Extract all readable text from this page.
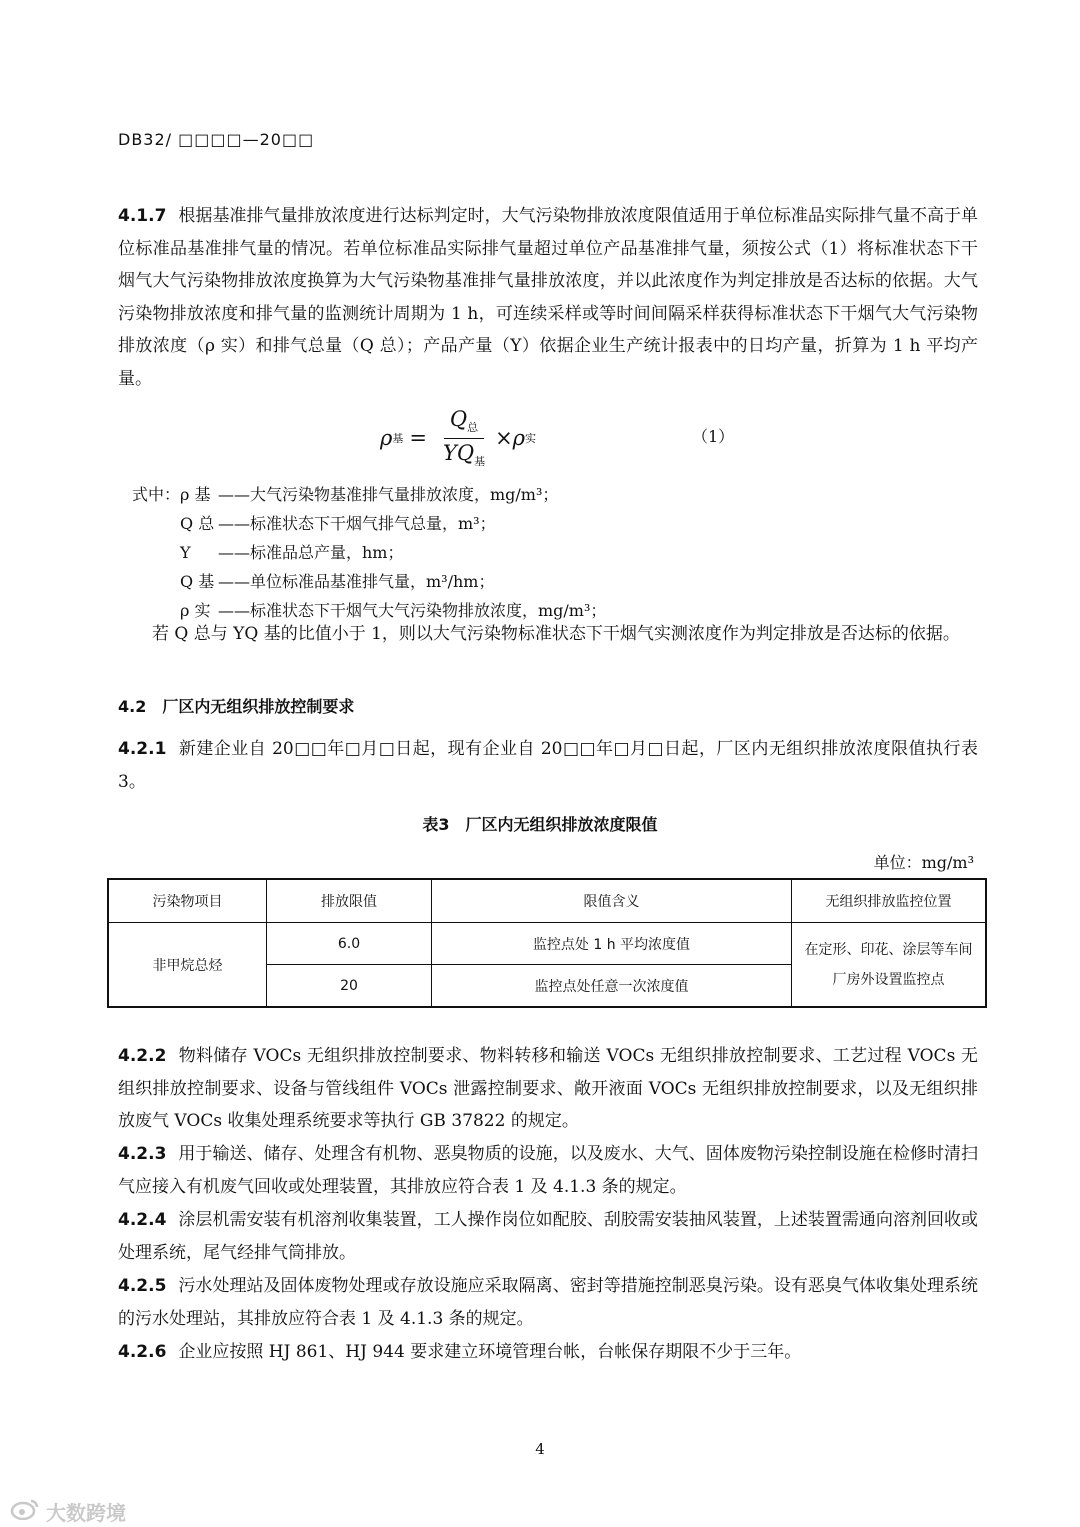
DB32/ □□□□—20□□
4.1.7 根据基准排气量排放浓度进行达标判定时，大气污染物排放浓度限值适用于单位标准品实际排气量不高于单位标准品基准排气量的情况。若单位标准品实际排气量超过单位产品基准排气量，须按公式（1）将标准状态下干烟气大气污染物排放浓度换算为大气污染物基准排气量排放浓度，并以此浓度作为判定排放是否达标的依据。大气污染物排放浓度和排气量的监测统计周期为 1 h，可连续采样或等时间间隔采样获得标准状态下干烟气大气污染物排放浓度（ρ 实）和排气总量（Q 总）；产品产量（Y）依据企业生产统计报表中的日均产量，折算为 1 h 平均产量。
ρ 基 = $\frac{Q_总}{YQ_基} \times \rho$ 实	（1）
式中： ρ 基 ——大气污染物基准排气量排放浓度，mg/m³；
Q 总 ——标准状态下干烟气排气总量，m³；
Y	——标准品总产量，hm；
Q 基 ——单位标准品基准排气量，m³/hm；
ρ 实 ——标准状态下干烟气大气污染物排放浓度，mg/m³；
若 Q 总与 YQ 基的比值小于 1，则以大气污染物标准状态下干烟气实测浓度作为判定排放是否达标的依据。
4.2　厂区内无组织排放控制要求
4.2.1 新建企业自 20□□年□月□日起，现有企业自 20□□年□月□日起，厂区内无组织排放浓度限值执行表 3。
表3　厂区内无组织排放浓度限值
单位：mg/m³
污染物项目	排放限值	限值含义	无组织排放监控位置
非甲烷总烃	6.0	监控点处 1 h 平均浓度值	在定形、印花、涂层等车间厂房外设置监控点
	20	监控点处任意一次浓度值	
4.2.2 物料储存 VOCs 无组织排放控制要求、物料转移和输送 VOCs 无组织排放控制要求、工艺过程 VOCs 无组织排放控制要求、设备与管线组件 VOCs 泄露控制要求、敞开液面 VOCs 无组织排放控制要求，以及无组织排放废气 VOCs 收集处理系统要求等执行 GB 37822 的规定。
4.2.3 用于输送、储存、处理含有机物、恶臭物质的设施，以及废水、大气、固体废物污染控制设施在检修时清扫气应接入有机废气回收或处理装置，其排放应符合表 1 及 4.1.3 条的规定。
4.2.4 涂层机需安装有机溶剂收集装置，工人操作岗位如配胶、刮胶需安装抽风装置，上述装置需通向溶剂回收或处理系统，尾气经排气筒排放。
4.2.5 污水处理站及固体废物处理或存放设施应采取隔离、密封等措施控制恶臭污染。设有恶臭气体收集处理系统的污水处理站，其排放应符合表 1 及 4.1.3 条的规定。
4.2.6 企业应按照 HJ 861、HJ 944 要求建立环境管理台帐，台帐保存期限不少于三年。
4
大数跨境
